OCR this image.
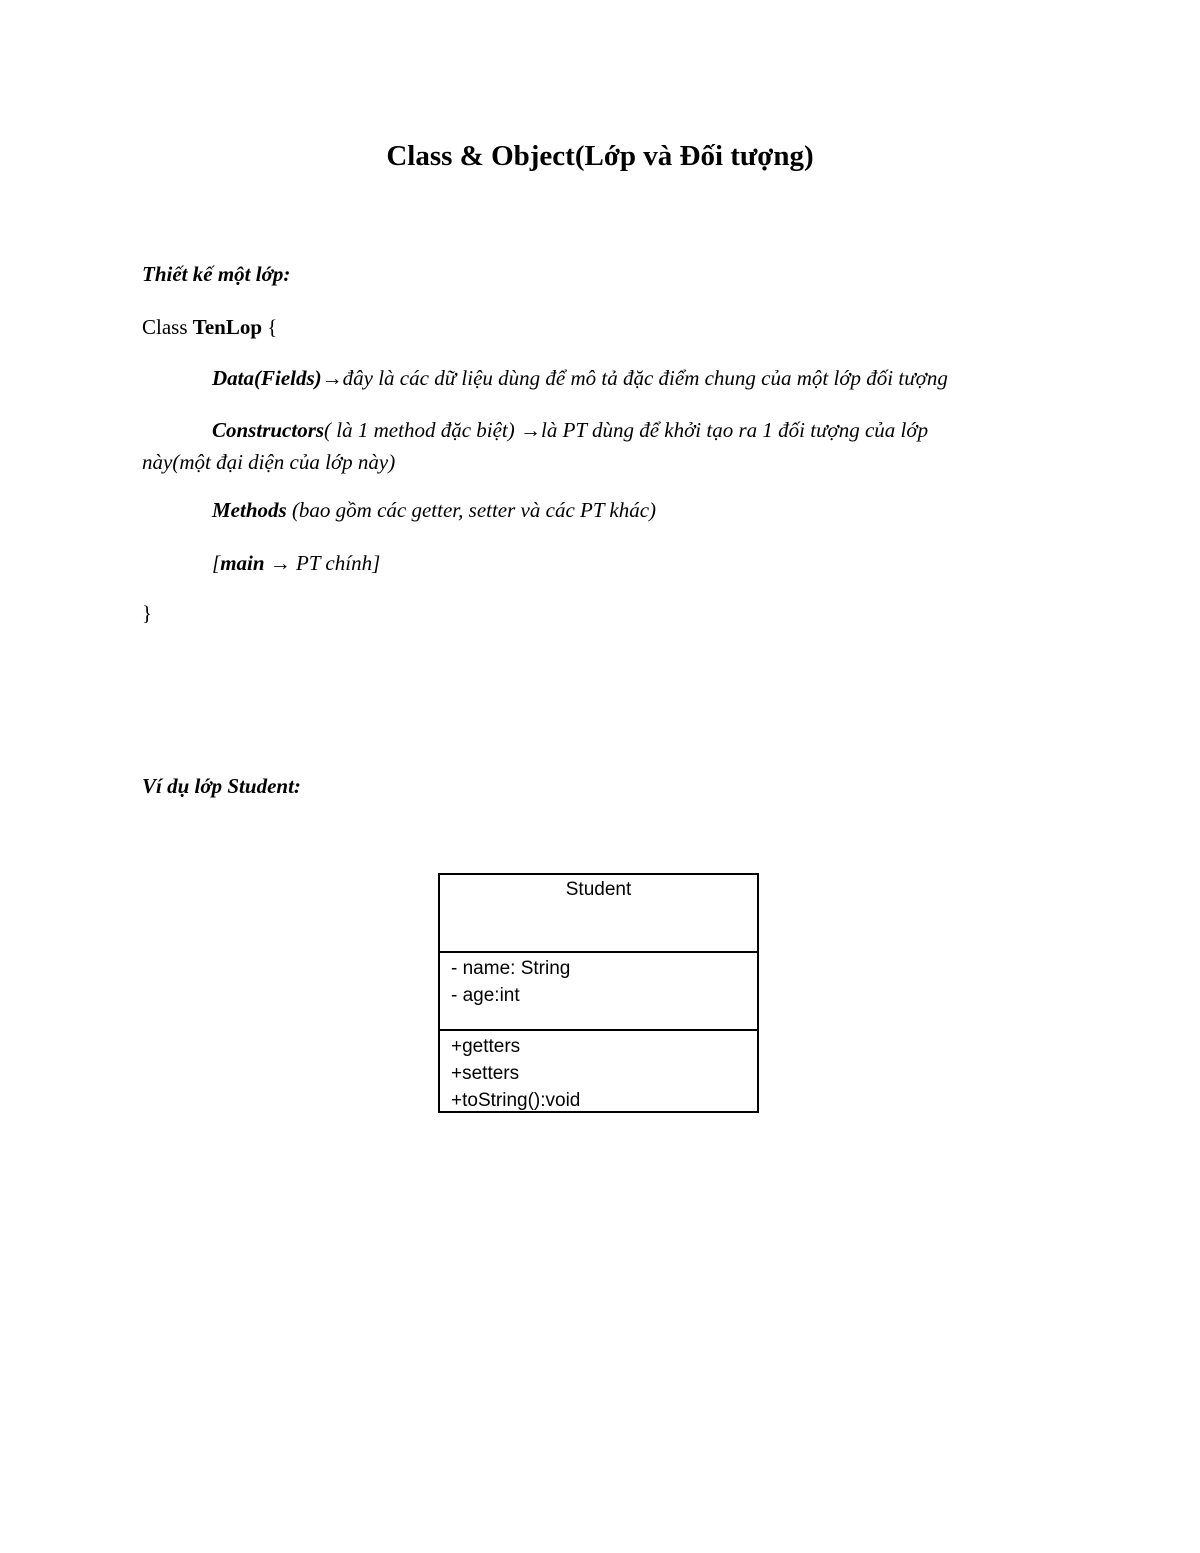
Class & Object(Lớp và Đối tượng)

Thiết kế một lớp:

Class TenLop {

Data(Fields)→đây là các dữ liệu dùng để mô tả đặc điểm chung của một lớp đối tượng

Constructors( là 1 method đặc biệt) →là PT dùng để khởi tạo ra 1 đối tượng của lớp

này(một đại diện của lớp này)

Methods (bao gồm các getter, setter và các PT khác)

[main → PT chính]

}

Ví dụ lớp Student:

Student
- name: String
- age:int
+getters
+setters
+toString():void
